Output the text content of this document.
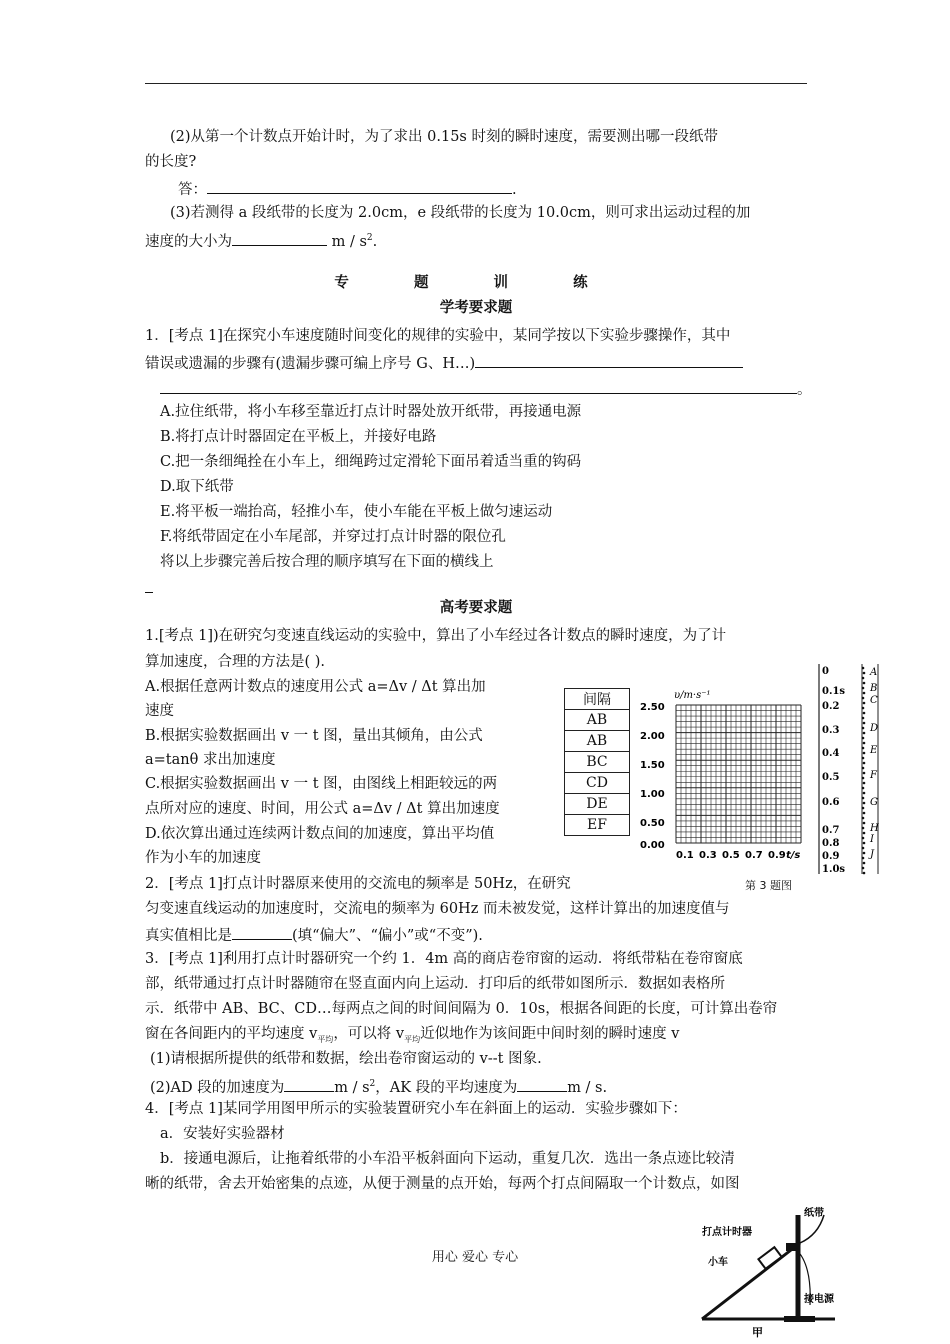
(2)从第一个计数点开始计时，为了求出 0.15s 时刻的瞬时速度，需要测出哪一段纸带
的长度?
答：	.
(3)若测得 a 段纸带的长度为 2.0cm，e 段纸带的长度为 10.0cm，则可求出运动过程的加
速度的大小为	m / $s^2$.
专 题 训 练
学考要求题
1．[考点 1]在探究小车速度随时间变化的规律的实验中，某同学按以下实验步骤操作，其中
错误或遗漏的步骤有(遗漏步骤可编上序号 G、H…)
。
A.拉住纸带，将小车移至靠近打点计时器处放开纸带，再接通电源
B.将打点计时器固定在平板上，并接好电路
C.把一条细绳拴在小车上，细绳跨过定滑轮下面吊着适当重的钩码
D.取下纸带
E.将平板一端抬高，轻推小车，使小车能在平板上做匀速运动
F.将纸带固定在小车尾部，并穿过打点计时器的限位孔
将以上步骤完善后按合理的顺序填写在下面的横线上
高考要求题
1.[考点 1])在研究匀变速直线运动的实验中，算出了小车经过各计数点的瞬时速度，为了计
算加速度，合理的方法是( ).
A.根据任意两计数点的速度用公式 a=Δv / Δt 算出加
速度
B.根据实验数据画出 v 一 t 图，量出其倾角，由公式
a=tanθ 求出加速度
C.根据实验数据画出 v 一 t 图，由图线上相距较远的两
点所对应的速度、时间，用公式 a=Δv / Δt 算出加速度
D.依次算出通过连续两计数点间的加速度，算出平均值
作为小车的加速度
间隔
AB
AB
BC
CD
DE
EF
υ/m·s⁻¹
2.50
2.00
1.50
1.00
0.50
0.00
0.1 0.3 0.5 0.7 0.9 t/s
第 3 题图
0
0.1s
0.2
0.3
0.4
0.5
0.6
0.7
0.8
0.9
1.0s
A
B
C
D
E
F
G
H
I
J
2．[考点 1]打点计时器原来使用的交流电的频率是 50Hz，在研究
匀变速直线运动的加速度时，交流电的频率为 60Hz 而未被发觉，这样计算出的加速度值与
真实值相比是	(填“偏大”、“偏小”或“不变”).
3．[考点 1]利用打点计时器研究一个约 1．4m 高的商店卷帘窗的运动．将纸带粘在卷帘窗底
部，纸带通过打点计时器随帘在竖直面内向上运动．打印后的纸带如图所示．数据如表格所
示．纸带中 AB、BC、CD…每两点之间的时间间隔为 0．10s，根据各间距的长度，可计算出卷帘
窗在各间距内的平均速度 $v_{平均}$，可以将 $v_{平均}$近似地作为该间距中间时刻的瞬时速度 v
(1)请根据所提供的纸带和数据，绘出卷帘窗运动的 v--t 图象.
(2)AD 段的加速度为	m / $s^2$，AK 段的平均速度为	m / s.
4．[考点 1]某同学用图甲所示的实验装置研究小车在斜面上的运动．实验步骤如下：
a．安装好实验器材
b．接通电源后，让拖着纸带的小车沿平板斜面向下运动，重复几次．选出一条点迹比较清
晰的纸带，舍去开始密集的点迹，从便于测量的点开始，每两个打点间隔取一个计数点，如图
纸带
打点计时器
小车
接电源
甲
用心 爱心 专心
